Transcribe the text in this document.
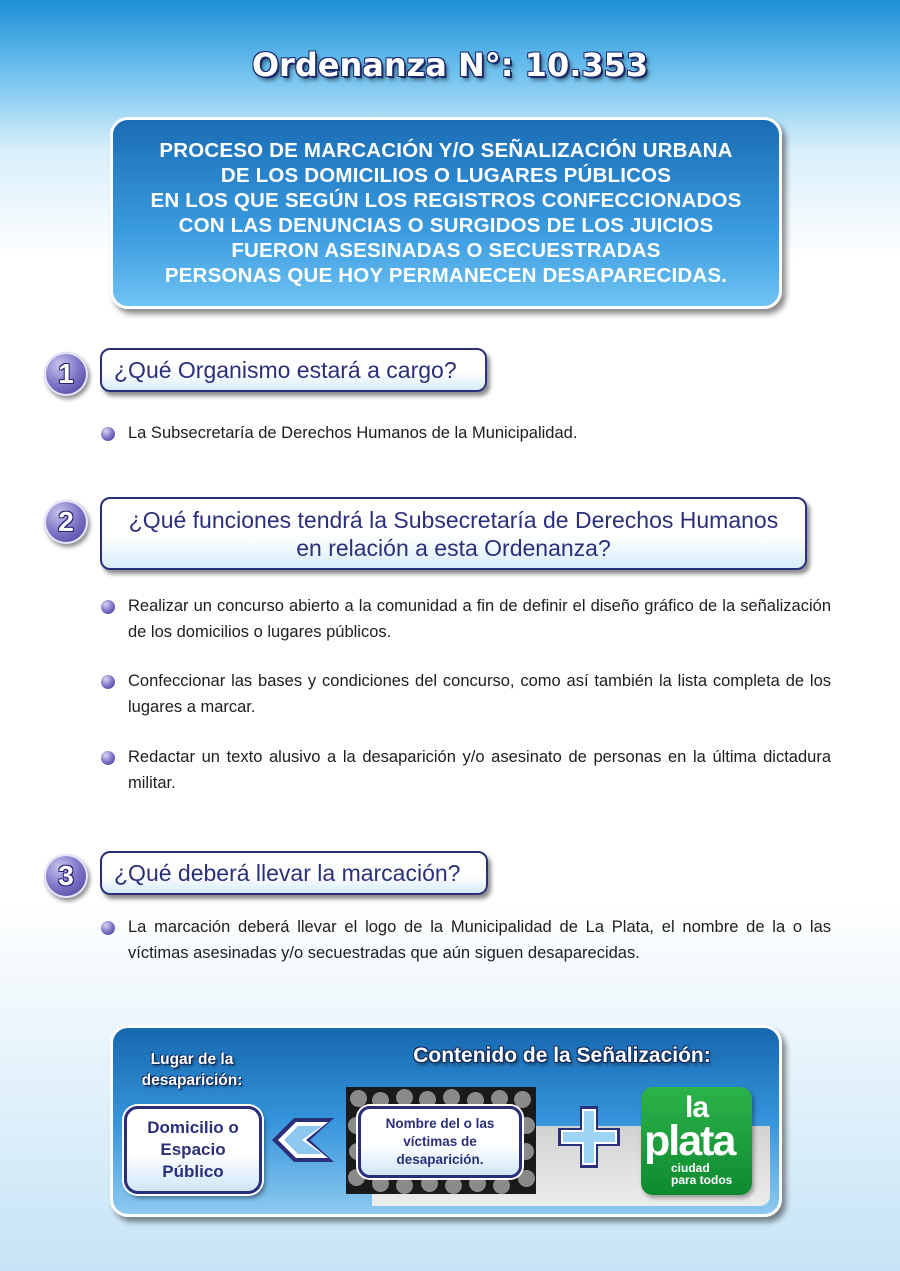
Ordenanza N°: 10.353
PROCESO DE MARCACIÓN Y/O SEÑALIZACIÓN URBANA
DE LOS DOMICILIOS O LUGARES PÚBLICOS
EN LOS QUE SEGÚN LOS REGISTROS CONFECCIONADOS
CON LAS DENUNCIAS O SURGIDOS DE LOS JUICIOS
FUERON ASESINADAS O SECUESTRADAS
PERSONAS QUE HOY PERMANECEN DESAPARECIDAS.
1	¿Qué Organismo estará a cargo?
La Subsecretaría de Derechos Humanos de la Municipalidad.
2	¿Qué funciones tendrá la Subsecretaría de Derechos Humanos
en relación a esta Ordenanza?
Realizar un concurso abierto a la comunidad a fin de definir el diseño gráfico de la señalización de los domicilios o lugares públicos.
Confeccionar las bases y condiciones del concurso, como así también la lista completa de los lugares a marcar.
Redactar un texto alusivo a la desaparición y/o asesinato de personas en la última dictadura militar.
3	¿Qué deberá llevar la marcación?
La marcación deberá llevar el logo de la Municipalidad de La Plata, el nombre de la o las víctimas asesinadas y/o secuestradas que aún siguen desaparecidas.
Lugar de la
desaparición:
Domicilio o
Espacio
Público
Contenido de la Señalización:
Nombre del o las
víctimas de
desaparición.
la
plata
ciudad
para todos
